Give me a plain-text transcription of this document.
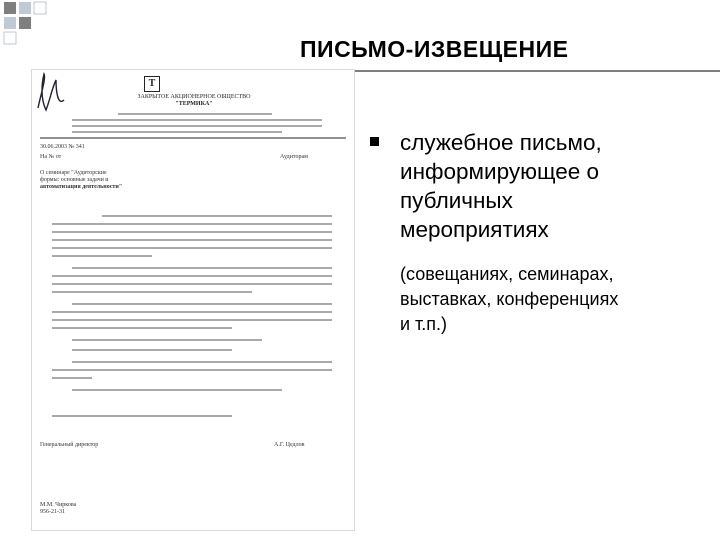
ПИСЬМО-ИЗВЕЩЕНИЕ
Т
ЗАКРЫТОЕ АКЦИОНЕРНОЕ ОБЩЕСТВО
"ТЕРМИКА"
30.06.2003 № 341
На № от	Аудиторам
О семинаре "Аудиторские
формы: основные задачи и
автоматизация деятельности"
Генеральный директор	А.Г. Цедлов
М.М. Чиркова
956-21-31
служебное письмо,
информирующее о
публичных
мероприятиях
(совещаниях, семинарах,
выставках, конференциях
и т.п.)
